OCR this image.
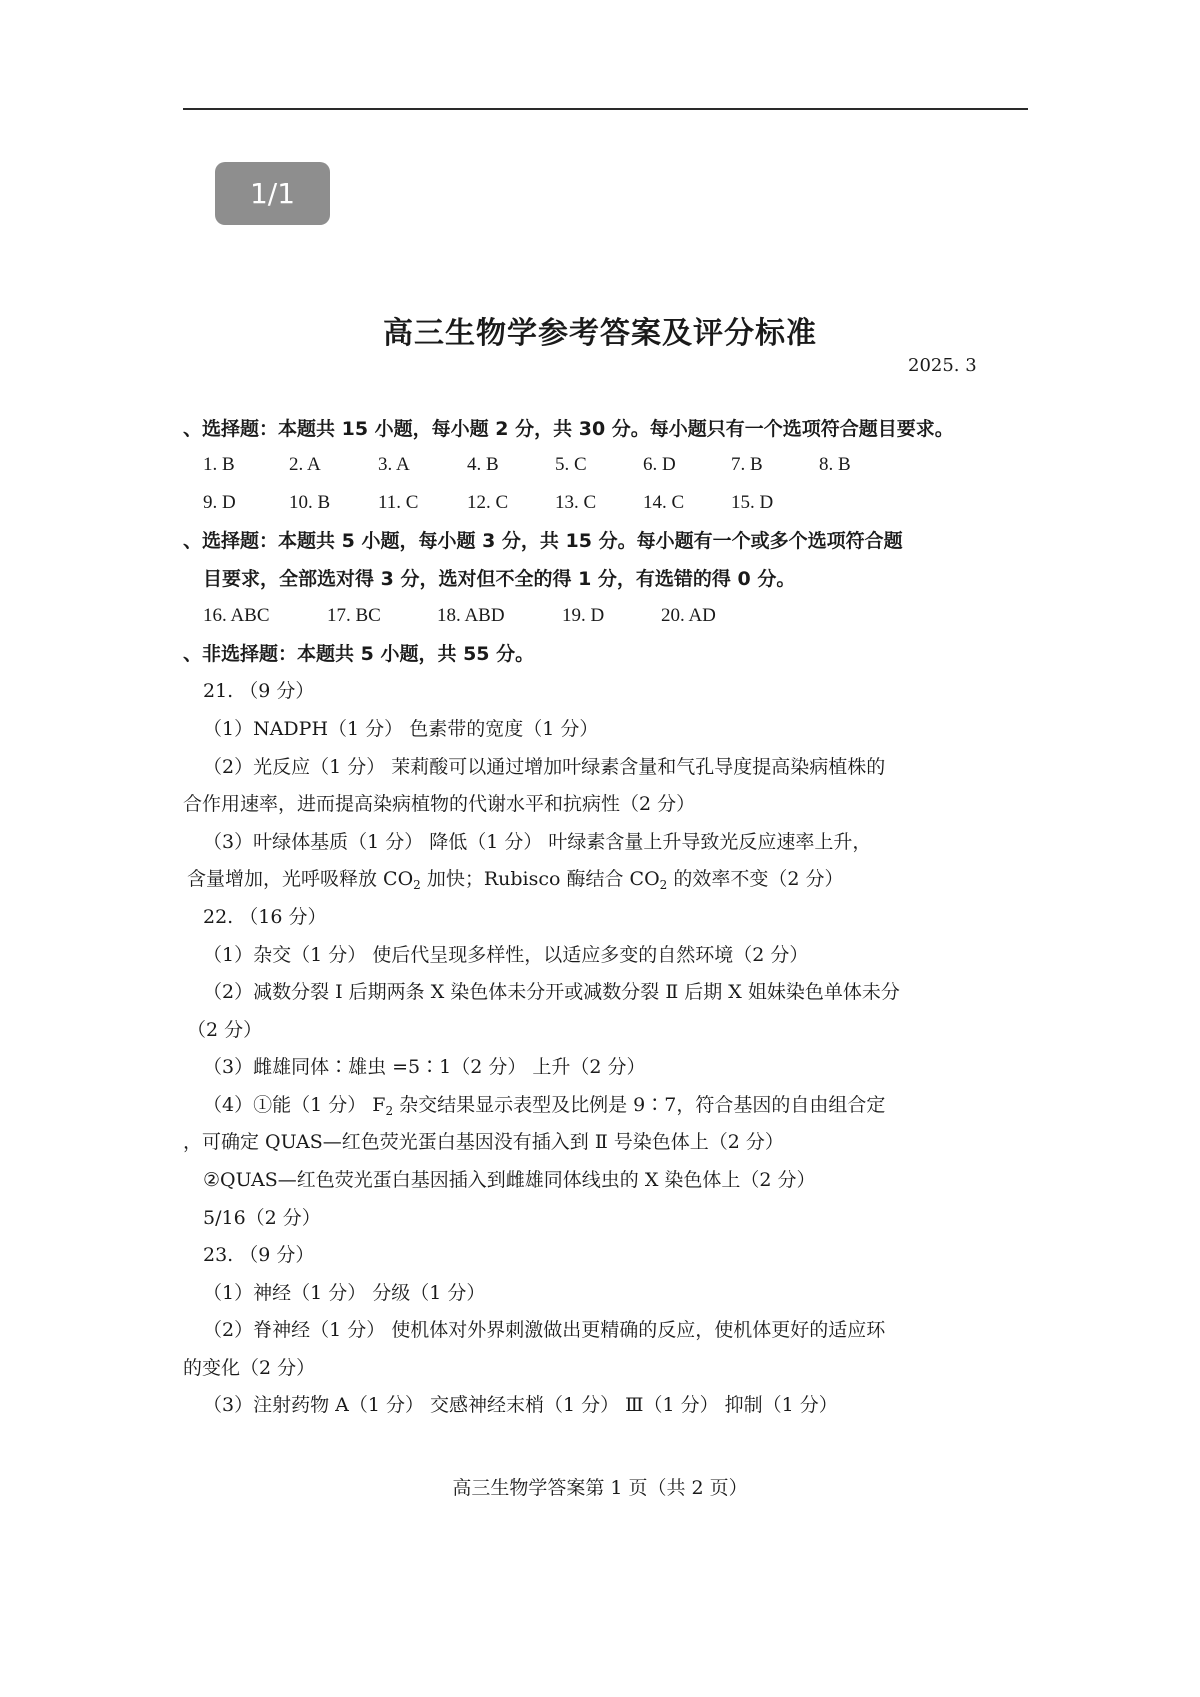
1/1
高三生物学参考答案及评分标准
2025. 3
、选择题：本题共 15 小题，每小题 2 分，共 30 分。每小题只有一个选项符合题目要求。
1. B	2. A	3. A	4. B	5. C	6. D	7. B	8. B
9. D	10. B	11. C	12. C 13. C 14. C 15. D
、选择题：本题共 5 小题，每小题 3 分，共 15 分。每小题有一个或多个选项符合题
目要求，全部选对得 3 分，选对但不全的得 1 分，有选错的得 0 分。
16. ABC	17. BC	18. ABD	19. D	20. AD
、非选择题：本题共 5 小题，共 55 分。
21. （9 分）
（1）NADPH（1 分） 色素带的宽度（1 分）
（2）光反应（1 分） 茉莉酸可以通过增加叶绿素含量和气孔导度提高染病植株的
合作用速率，进而提高染病植物的代谢水平和抗病性（2 分）
（3）叶绿体基质（1 分） 降低（1 分） 叶绿素含量上升导致光反应速率上升，
含量增加，光呼吸释放 $CO_2$ 加快；Rubisco 酶结合 $CO_2$ 的效率不变（2 分）
22. （16 分）
（1）杂交（1 分） 使后代呈现多样性，以适应多变的自然环境（2 分）
（2）减数分裂 Ⅰ 后期两条 X 染色体未分开或减数分裂 Ⅱ 后期 X 姐妹染色单体未分
（2 分）
（3）雌雄同体∶雄虫 =5∶1（2 分） 上升（2 分）
（4）①能（1 分） $F_2$ 杂交结果显示表型及比例是 9∶7，符合基因的自由组合定
，可确定 QUAS—红色荧光蛋白基因没有插入到 Ⅱ 号染色体上（2 分）
②QUAS—红色荧光蛋白基因插入到雌雄同体线虫的 X 染色体上（2 分）
5/16（2 分）
23. （9 分）
（1）神经（1 分） 分级（1 分）
（2）脊神经（1 分） 使机体对外界刺激做出更精确的反应，使机体更好的适应环
的变化（2 分）
（3）注射药物 A（1 分） 交感神经末梢（1 分） Ⅲ（1 分） 抑制（1 分）
高三生物学答案第 1 页（共 2 页）
